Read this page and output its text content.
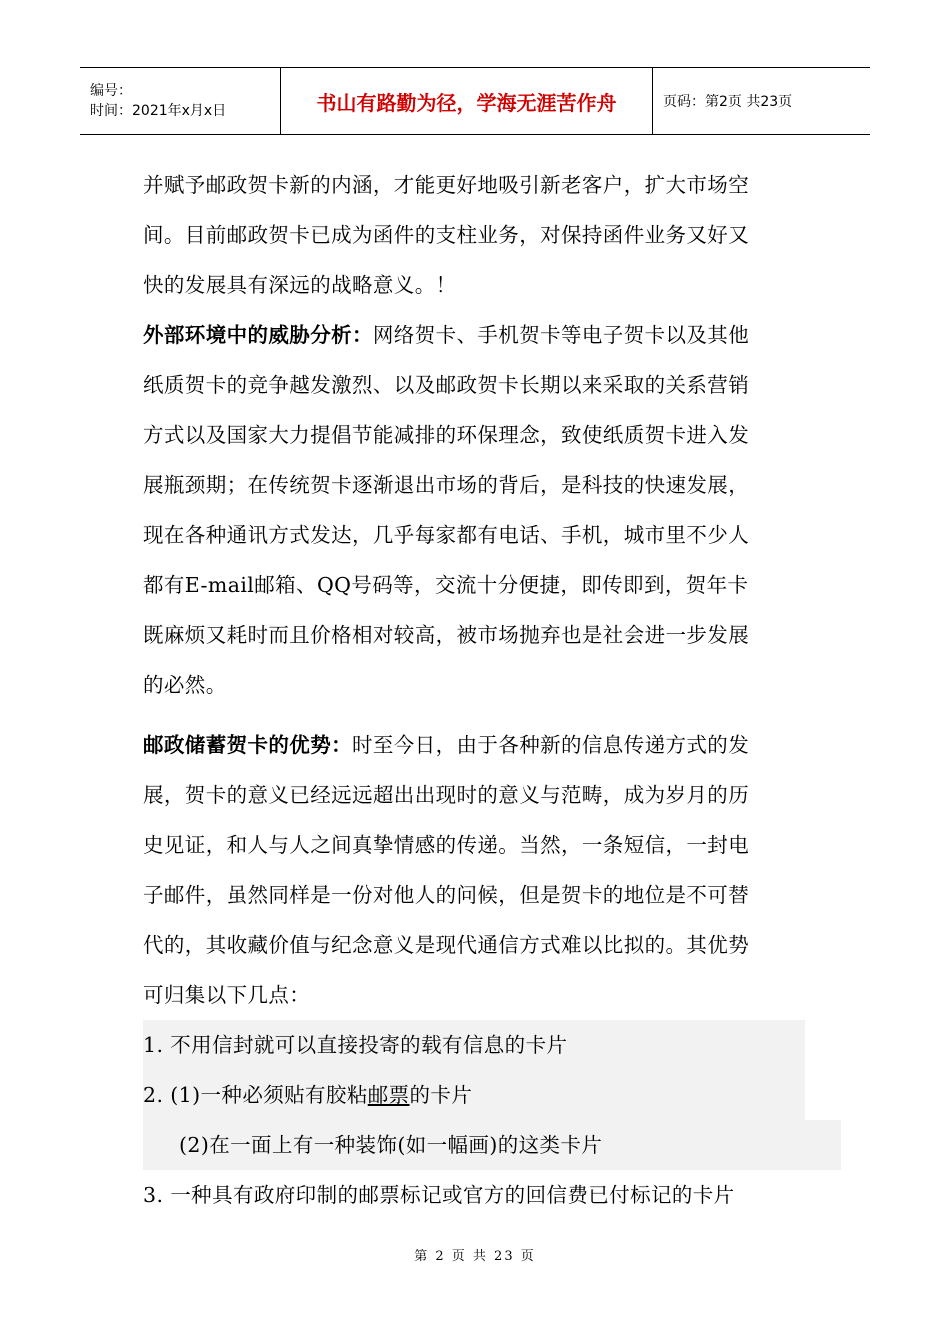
编号：
时间：2021年x月x日	书山有路勤为径，学海无涯苦作舟	页码：第2页 共23页
并赋予邮政贺卡新的内涵，才能更好地吸引新老客户，扩大市场空
间。目前邮政贺卡已成为函件的支柱业务，对保持函件业务又好又
快的发展具有深远的战略意义。！
外部环境中的威胁分析：网络贺卡、手机贺卡等电子贺卡以及其他
纸质贺卡的竞争越发激烈、以及邮政贺卡长期以来采取的关系营销
方式以及国家大力提倡节能减排的环保理念，致使纸质贺卡进入发
展瓶颈期；在传统贺卡逐渐退出市场的背后，是科技的快速发展，
现在各种通讯方式发达，几乎每家都有电话、手机，城市里不少人
都有E-mail邮箱、QQ号码等，交流十分便捷，即传即到，贺年卡
既麻烦又耗时而且价格相对较高，被市场抛弃也是社会进一步发展
的必然。
邮政储蓄贺卡的优势：时至今日，由于各种新的信息传递方式的发
展，贺卡的意义已经远远超出出现时的意义与范畴，成为岁月的历
史见证，和人与人之间真挚情感的传递。当然，一条短信，一封电
子邮件，虽然同样是一份对他人的问候，但是贺卡的地位是不可替
代的，其收藏价值与纪念意义是现代通信方式难以比拟的。其优势
可归集以下几点：
1. 不用信封就可以直接投寄的载有信息的卡片
2. (1)一种必须贴有胶粘邮票的卡片
(2)在一面上有一种装饰(如一幅画)的这类卡片
3. 一种具有政府印制的邮票标记或官方的回信费已付标记的卡片
第 2 页 共 23 页
